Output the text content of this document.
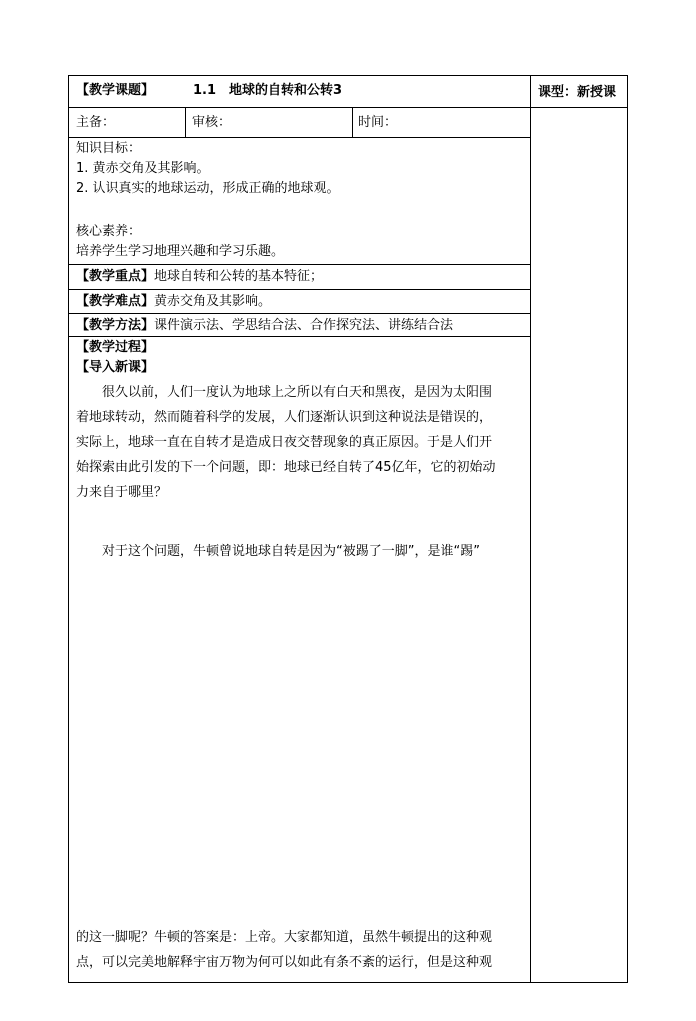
【教学课题】	1.1　地球的自转和公转3	课型：新授课
主备：	审核：	时间：
知识目标：
1. 黄赤交角及其影响。
2. 认识真实的地球运动，形成正确的地球观。
核心素养：
培养学生学习地理兴趣和学习乐趣。
【教学重点】地球自转和公转的基本特征；
【教学难点】黄赤交角及其影响。
【教学方法】课件演示法、学思结合法、合作探究法、讲练结合法
【教学过程】
【导入新课】

很久以前，人们一度认为地球上之所以有白天和黑夜，是因为太阳围

着地球转动，然而随着科学的发展，人们逐渐认识到这种说法是错误的，

实际上，地球一直在自转才是造成日夜交替现象的真正原因。于是人们开

始探索由此引发的下一个问题，即：地球已经自转了45亿年，它的初始动

力来自于哪里？

对于这个问题，牛顿曾说地球自转是因为“被踢了一脚”，是谁“踢”

的这一脚呢？牛顿的答案是：上帝。大家都知道，虽然牛顿提出的这种观

点，可以完美地解释宇宙万物为何可以如此有条不紊的运行，但是这种观
